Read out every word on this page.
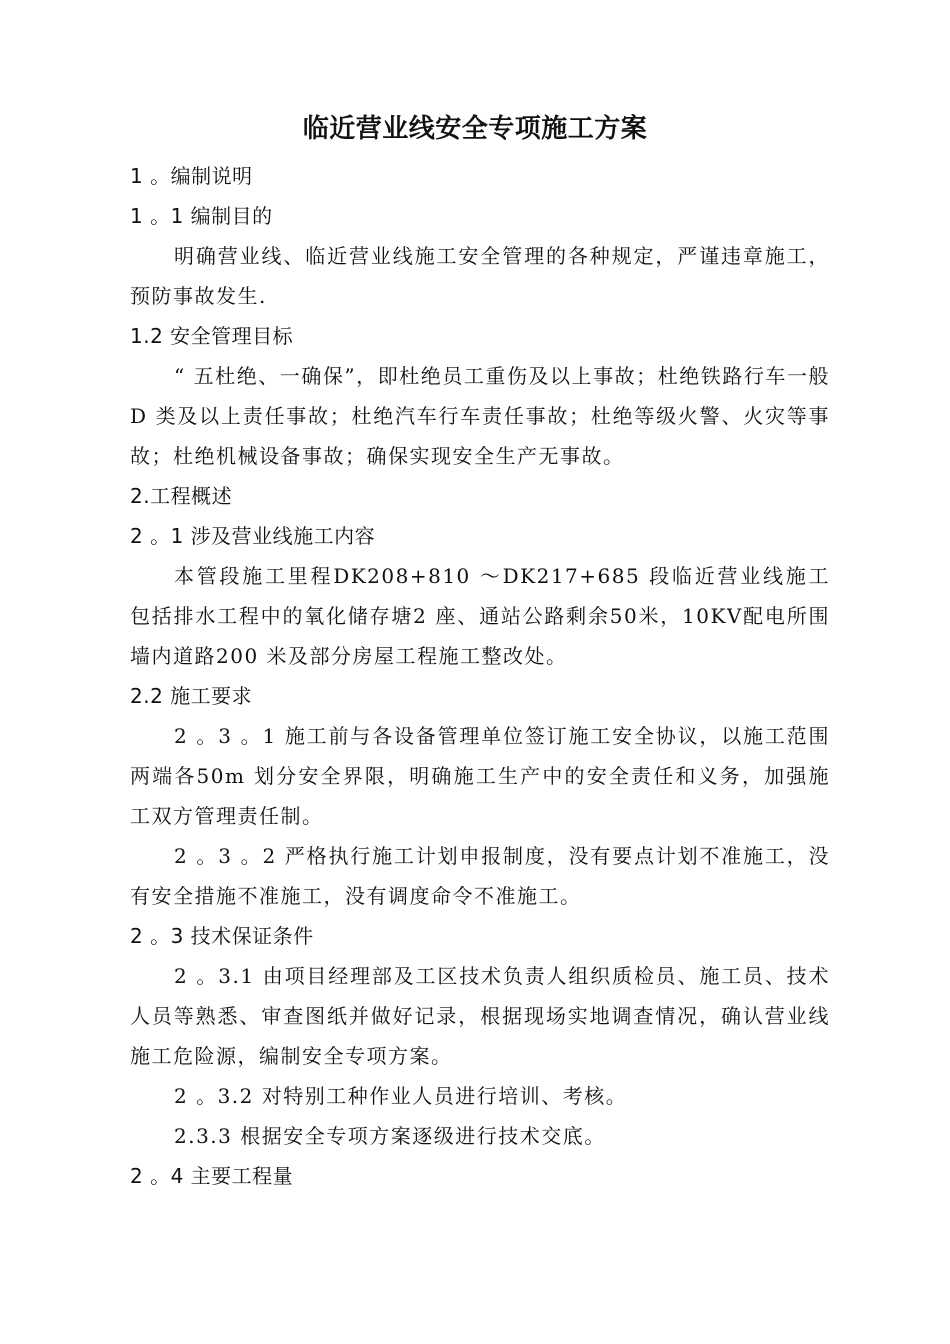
临近营业线安全专项施工方案
1 。编制说明
1 。1 编制目的

明确营业线、临近营业线施工安全管理的各种规定，严谨违章施工，预防事故发生.

1.2 安全管理目标

“ 五杜绝、一确保”，即杜绝员工重伤及以上事故；杜绝铁路行车一般D 类及以上责任事故；杜绝汽车行车责任事故；杜绝等级火警、火灾等事故；杜绝机械设备事故；确保实现安全生产无事故。

2.工程概述
2 。1 涉及营业线施工内容

本管段施工里程DK208+810 ～DK217+685 段临近营业线施工包括排水工程中的氧化储存塘2 座、通站公路剩余50米，10KV配电所围墙内道路200 米及部分房屋工程施工整改处。

2.2 施工要求

2 。3 。1 施工前与各设备管理单位签订施工安全协议，以施工范围两端各50m 划分安全界限，明确施工生产中的安全责任和义务，加强施工双方管理责任制。

2 。3 。2 严格执行施工计划申报制度，没有要点计划不准施工，没有安全措施不准施工，没有调度命令不准施工。

2 。3 技术保证条件

2 。3.1 由项目经理部及工区技术负责人组织质检员、施工员、技术人员等熟悉、审查图纸并做好记录，根据现场实地调查情况，确认营业线施工危险源，编制安全专项方案。

2 。3.2 对特别工种作业人员进行培训、考核。

2.3.3 根据安全专项方案逐级进行技术交底。

2 。4 主要工程量
